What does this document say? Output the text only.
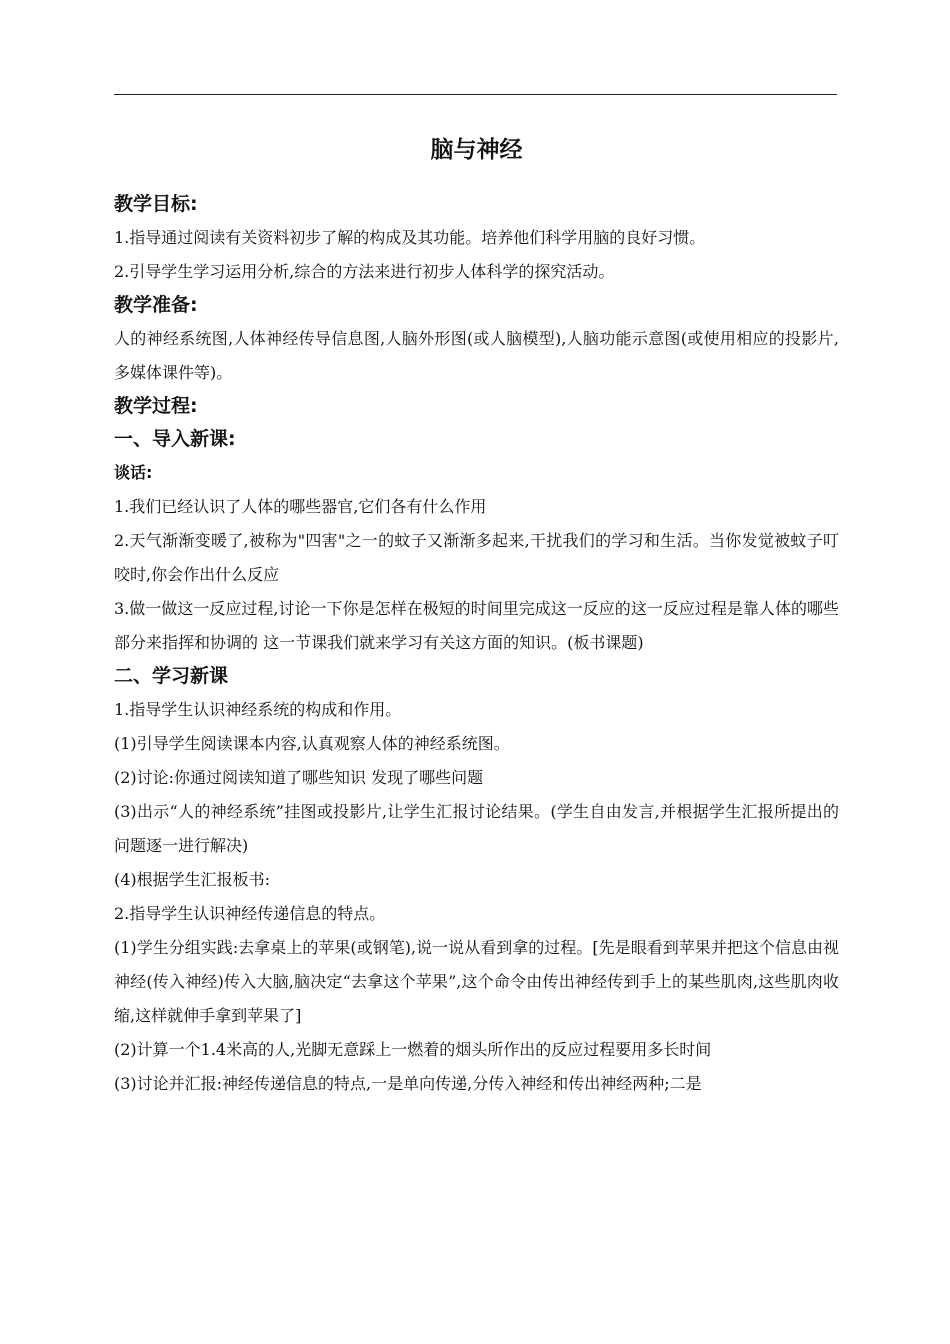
脑与神经
教学目标:

1.指导通过阅读有关资料初步了解的构成及其功能。培养他们科学用脑的良好习惯。

2.引导学生学习运用分析,综合的方法来进行初步人体科学的探究活动。

教学准备:

人的神经系统图,人体神经传导信息图,人脑外形图(或人脑模型),人脑功能示意图(或使用相应的投影片,多媒体课件等)。

教学过程:
一、导入新课:
谈话:

1.我们已经认识了人体的哪些器官,它们各有什么作用

2.天气渐渐变暖了,被称为"四害"之一的蚊子又渐渐多起来,干扰我们的学习和生活。当你发觉被蚊子叮咬时,你会作出什么反应

3.做一做这一反应过程,讨论一下你是怎样在极短的时间里完成这一反应的这一反应过程是靠人体的哪些部分来指挥和协调的 这一节课我们就来学习有关这方面的知识。(板书课题)

二、学习新课

1.指导学生认识神经系统的构成和作用。

(1)引导学生阅读课本内容,认真观察人体的神经系统图。

(2)讨论:你通过阅读知道了哪些知识 发现了哪些问题

(3)出示“人的神经系统”挂图或投影片,让学生汇报讨论结果。(学生自由发言,并根据学生汇报所提出的问题逐一进行解决)

(4)根据学生汇报板书:

2.指导学生认识神经传递信息的特点。

(1)学生分组实践:去拿桌上的苹果(或钢笔),说一说从看到拿的过程。[先是眼看到苹果并把这个信息由视神经(传入神经)传入大脑,脑决定“去拿这个苹果”,这个命令由传出神经传到手上的某些肌肉,这些肌肉收缩,这样就伸手拿到苹果了]

(2)计算一个1.4米高的人,光脚无意踩上一燃着的烟头所作出的反应过程要用多长时间

(3)讨论并汇报:神经传递信息的特点,一是单向传递,分传入神经和传出神经两种;二是
